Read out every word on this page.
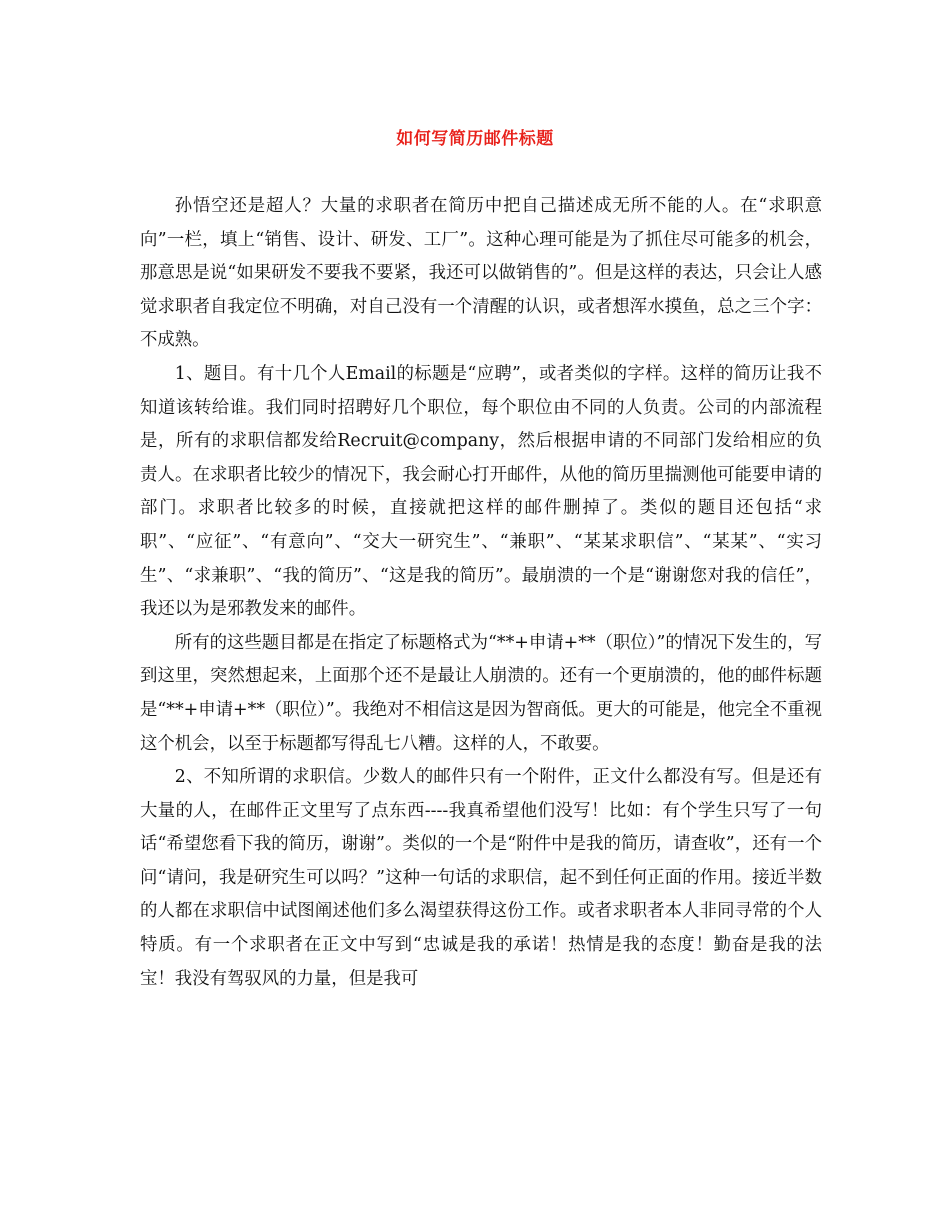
如何写简历邮件标题

孙悟空还是超人？大量的求职者在简历中把自己描述成无所不能的人。在“求职意向”一栏，填上“销售、设计、研发、工厂”。这种心理可能是为了抓住尽可能多的机会，那意思是说“如果研发不要我不要紧，我还可以做销售的”。但是这样的表达，只会让人感觉求职者自我定位不明确，对自己没有一个清醒的认识，或者想浑水摸鱼，总之三个字：不成熟。

1、题目。有十几个人Email的标题是“应聘”，或者类似的字样。这样的简历让我不知道该转给谁。我们同时招聘好几个职位，每个职位由不同的人负责。公司的内部流程是，所有的求职信都发给Recruit@company，然后根据申请的不同部门发给相应的负责人。在求职者比较少的情况下，我会耐心打开邮件，从他的简历里揣测他可能要申请的部门。求职者比较多的时候，直接就把这样的邮件删掉了。类似的题目还包括“求职”、“应征”、“有意向”、“交大一研究生”、“兼职”、“某某求职信”、“某某”、“实习生”、“求兼职”、“我的简历”、“这是我的简历”。最崩溃的一个是“谢谢您对我的信任”，我还以为是邪教发来的邮件。

所有的这些题目都是在指定了标题格式为“**+申请+**（职位）”的情况下发生的，写到这里，突然想起来，上面那个还不是最让人崩溃的。还有一个更崩溃的，他的邮件标题是“**+申请+**（职位）”。我绝对不相信这是因为智商低。更大的可能是，他完全不重视这个机会，以至于标题都写得乱七八糟。这样的人，不敢要。

2、不知所谓的求职信。少数人的邮件只有一个附件，正文什么都没有写。但是还有大量的人，在邮件正文里写了点东西----我真希望他们没写！比如：有个学生只写了一句话“希望您看下我的简历，谢谢”。类似的一个是“附件中是我的简历，请查收”，还有一个问“请问，我是研究生可以吗？”这种一句话的求职信，起不到任何正面的作用。接近半数的人都在求职信中试图阐述他们多么渴望获得这份工作。或者求职者本人非同寻常的个人特质。有一个求职者在正文中写到“忠诚是我的承诺！热情是我的态度！勤奋是我的法宝！我没有驾驭风的力量，但是我可
